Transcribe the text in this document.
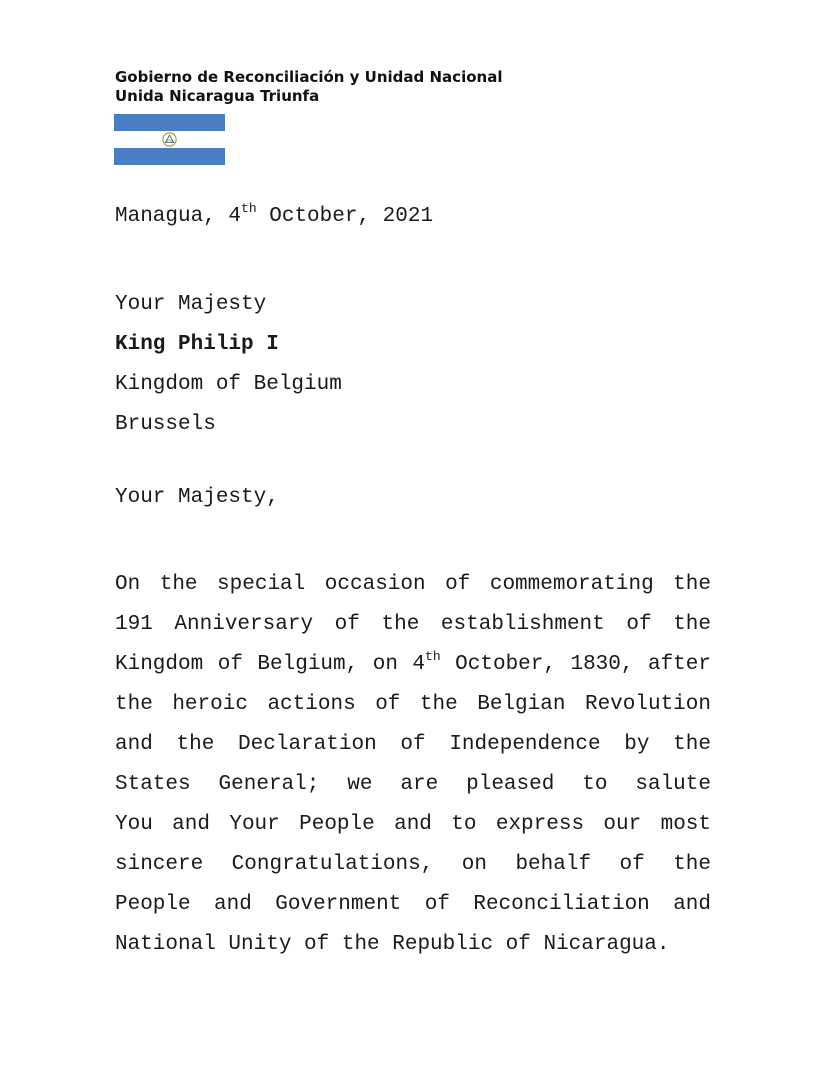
Gobierno de Reconciliación y Unidad Nacional
Unida Nicaragua Triunfa
Managua, 4th October, 2021
Your Majesty
King Philip I
Kingdom of Belgium
Brussels
Your Majesty,
On the special occasion of commemorating the
191 Anniversary of the establishment of the
Kingdom of Belgium, on 4th October, 1830, after
the heroic actions of the Belgian Revolution
and the Declaration of Independence by the
States General; we are pleased to salute
You and Your People and to express our most
sincere Congratulations, on behalf of the
People and Government of Reconciliation and
National Unity of the Republic of Nicaragua.
